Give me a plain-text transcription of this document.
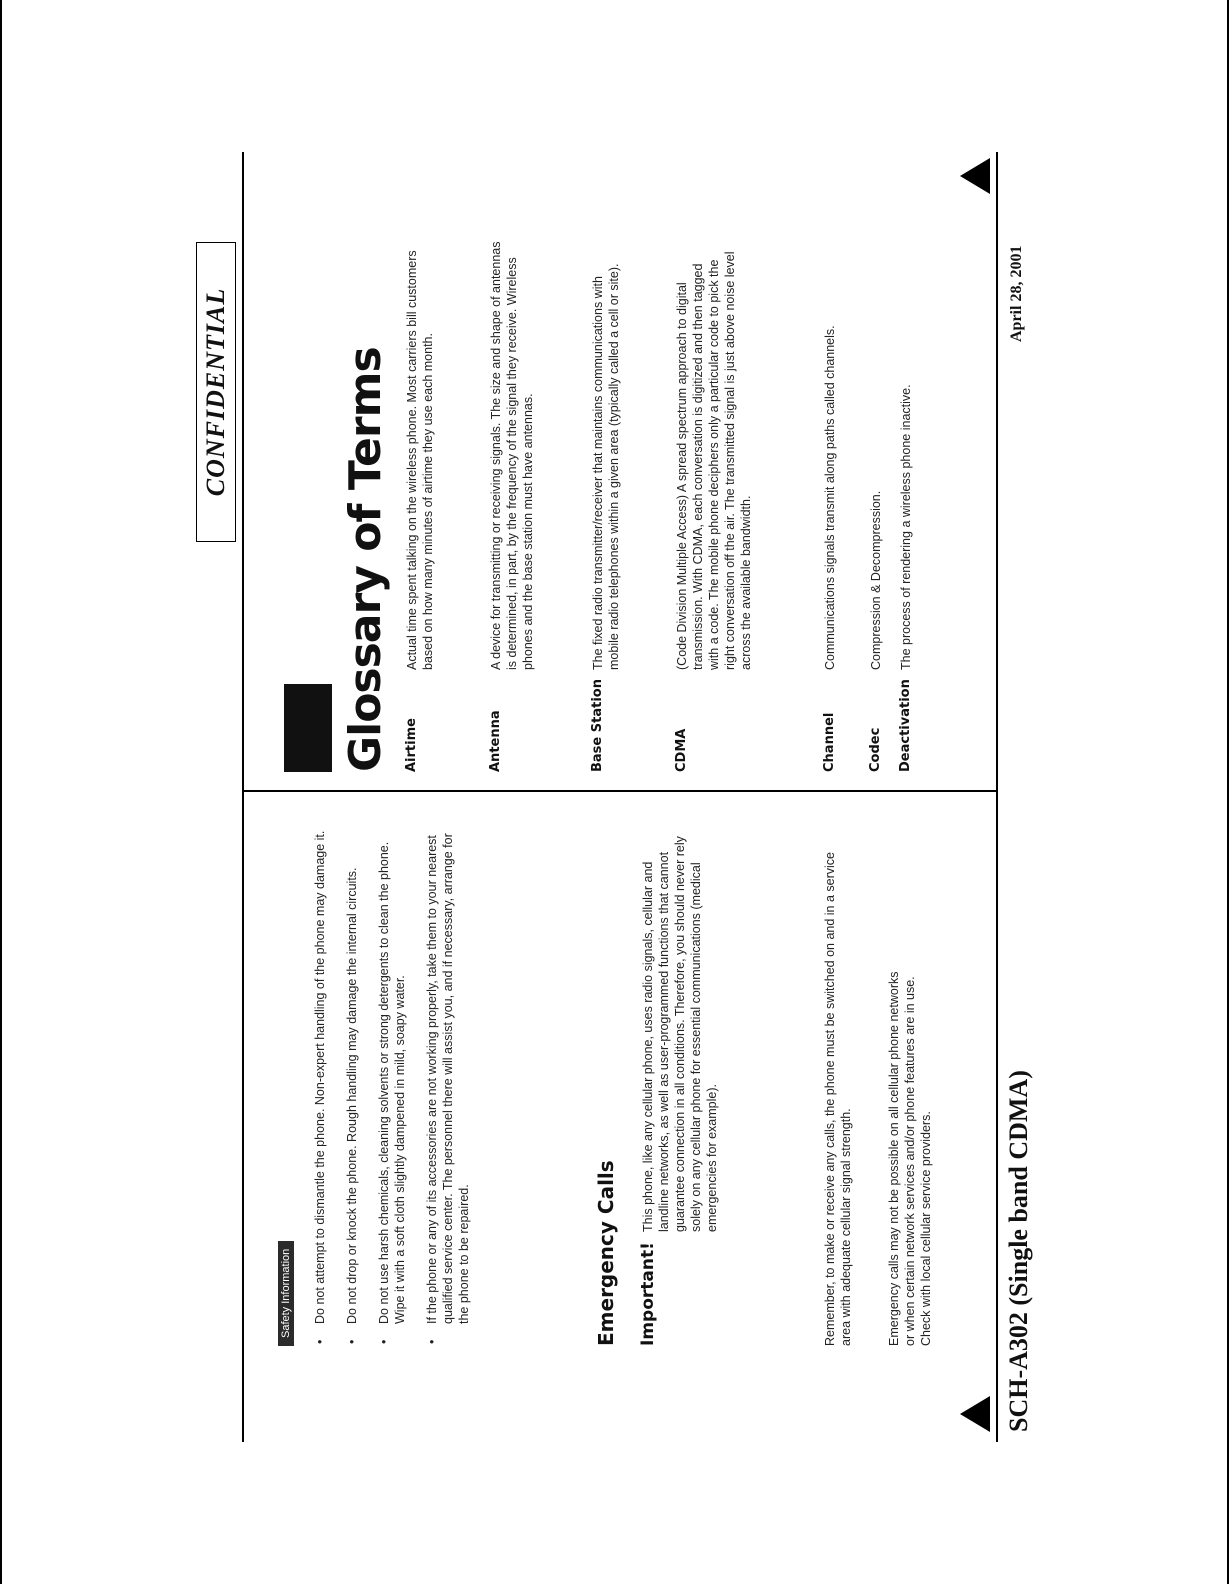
CONFIDENTIAL
Safety Information
•
Do not attempt to dismantle the phone. Non-expert handling of the phone may damage it.
•
Do not drop or knock the phone. Rough handling may damage the internal circuits.
•
Do not use harsh chemicals, cleaning solvents or strong detergents to clean the phone. Wipe it with a soft cloth slightly dampened in mild, soapy water.
•
If the phone or any of its accessories are not working properly, take them to your nearest qualified service center. The personnel there will assist you, and if necessary, arrange for the phone to be repaired.	Emergency Calls Important!
This phone, like any cellular phone, uses radio signals, cellular and landline networks, as well as user-programmed functions that cannot guarantee connection in all conditions. Therefore, you should never rely solely on any cellular phone for essential communications (medical emergencies for example).	Remember, to make or receive any calls, the phone must be switched on and in a service area with adequate cellular signal strength.	Emergency calls may not be possible on all cellular phone networks or when certain network services and/or phone features are in use. Check with local cellular service providers.
Glossary of Terms Airtime
Actual time spent talking on the wireless phone. Most carriers bill customers based on how many minutes of airtime they use each month.
Antenna
A device for transmitting or receiving signals. The size and shape of antennas is determined, in part, by the frequency of the signal they receive. Wireless phones and the base station must have antennas.
Base Station
The fixed radio transmitter/receiver that maintains communications with mobile radio telephones within a given area (typically called a cell or site).
CDMA
(Code Division Multiple Access) A spread spectrum approach to digital transmission. With CDMA, each conversation is digitized and then tagged with a code. The mobile phone deciphers only a particular code to pick the right conversation off the air. The transmitted signal is just above noise level across the available bandwidth.
Channel
Communications signals transmit along paths called channels.
Codec
Compression & Decompression.
Deactivation
The process of rendering a wireless phone inactive.
SCH-A302 (Single band CDMA)
April 28, 2001
